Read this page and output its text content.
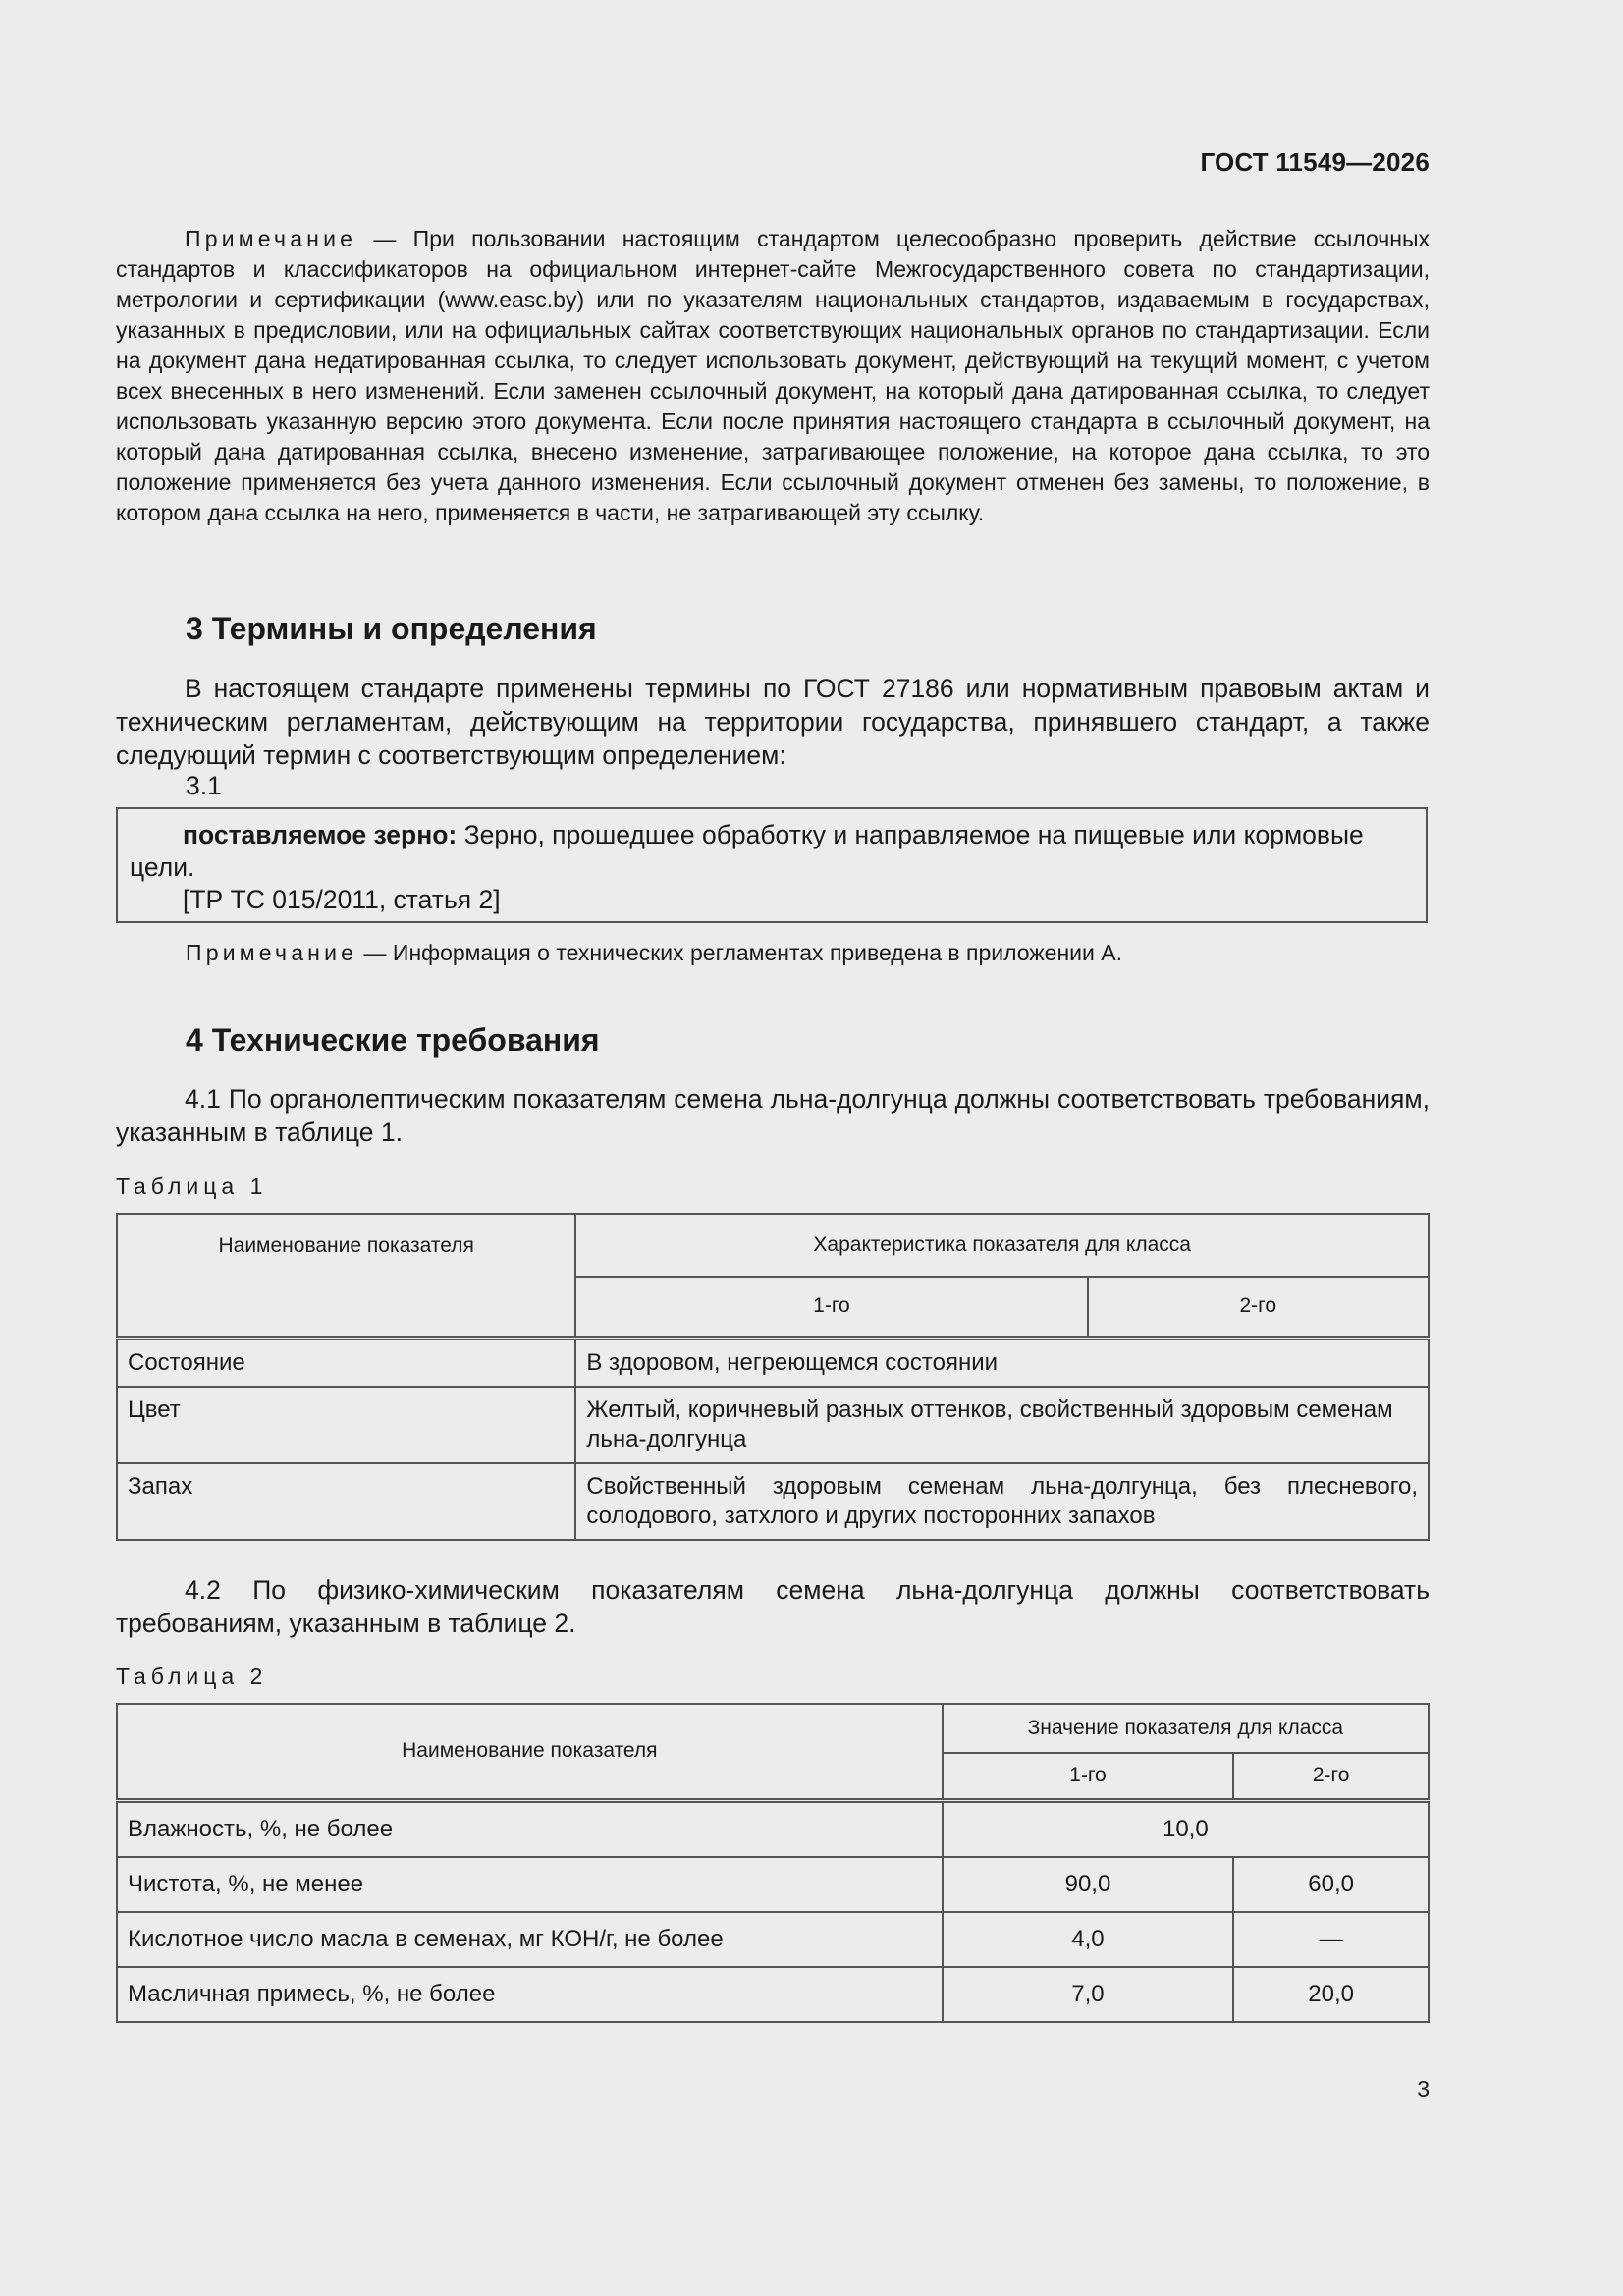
ГОСТ 11549—2026

Примечание — При пользовании настоящим стандартом целесообразно проверить действие ссылочных стандартов и классификаторов на официальном интернет-сайте Межгосударственного совета по стандартизации, метрологии и сертификации (www.easc.by) или по указателям национальных стандартов, издаваемым в государствах, указанных в предисловии, или на официальных сайтах соответствующих национальных органов по стандартизации. Если на документ дана недатированная ссылка, то следует использовать документ, действующий на текущий момент, с учетом всех внесенных в него изменений. Если заменен ссылочный документ, на который дана датированная ссылка, то следует использовать указанную версию этого документа. Если после принятия настоящего стандарта в ссылочный документ, на который дана датированная ссылка, внесено изменение, затрагивающее положение, на которое дана ссылка, то это положение применяется без учета данного изменения. Если ссылочный документ отменен без замены, то положение, в котором дана ссылка на него, применяется в части, не затрагивающей эту ссылку.

3 Термины и определения
В настоящем стандарте применены термины по ГОСТ 27186 или нормативным правовым актам и техническим регламентам, действующим на территории государства, принявшего стандарт, а также следующий термин с соответствующим определением:
3.1

поставляемое зерно: Зерно, прошедшее обработку и направляемое на пищевые или кормовые цели.

[ТР ТС 015/2011, статья 2]

Примечание — Информация о технических регламентах приведена в приложении А.
4 Технические требования
4.1 По органолептическим показателям семена льна-долгунца должны соответствовать требованиям, указанным в таблице 1.
Таблица 1
Наименование показателя	Характеристика показателя для класса	
	1-го	2-го
Состояние	В здоровом, негреющемся состоянии	
Цвет	Желтый, коричневый разных оттенков, свойственный здоровым семенам льна-долгунца	
Запах	Свойственный здоровым семенам льна-долгунца, без плесневого, солодового, затхлого и других посторонних запахов	
4.2 По физико-химическим показателям семена льна-долгунца должны соответствовать требованиям, указанным в таблице 2.
Таблица 2
Наименование показателя	Значение показателя для класса	
	1-го	2-го
Влажность, %, не более	10,0	
Чистота, %, не менее	90,0	60,0
Кислотное число масла в семенах, мг КОН/г, не более	4,0	—
Масличная примесь, %, не более	7,0	20,0
3
